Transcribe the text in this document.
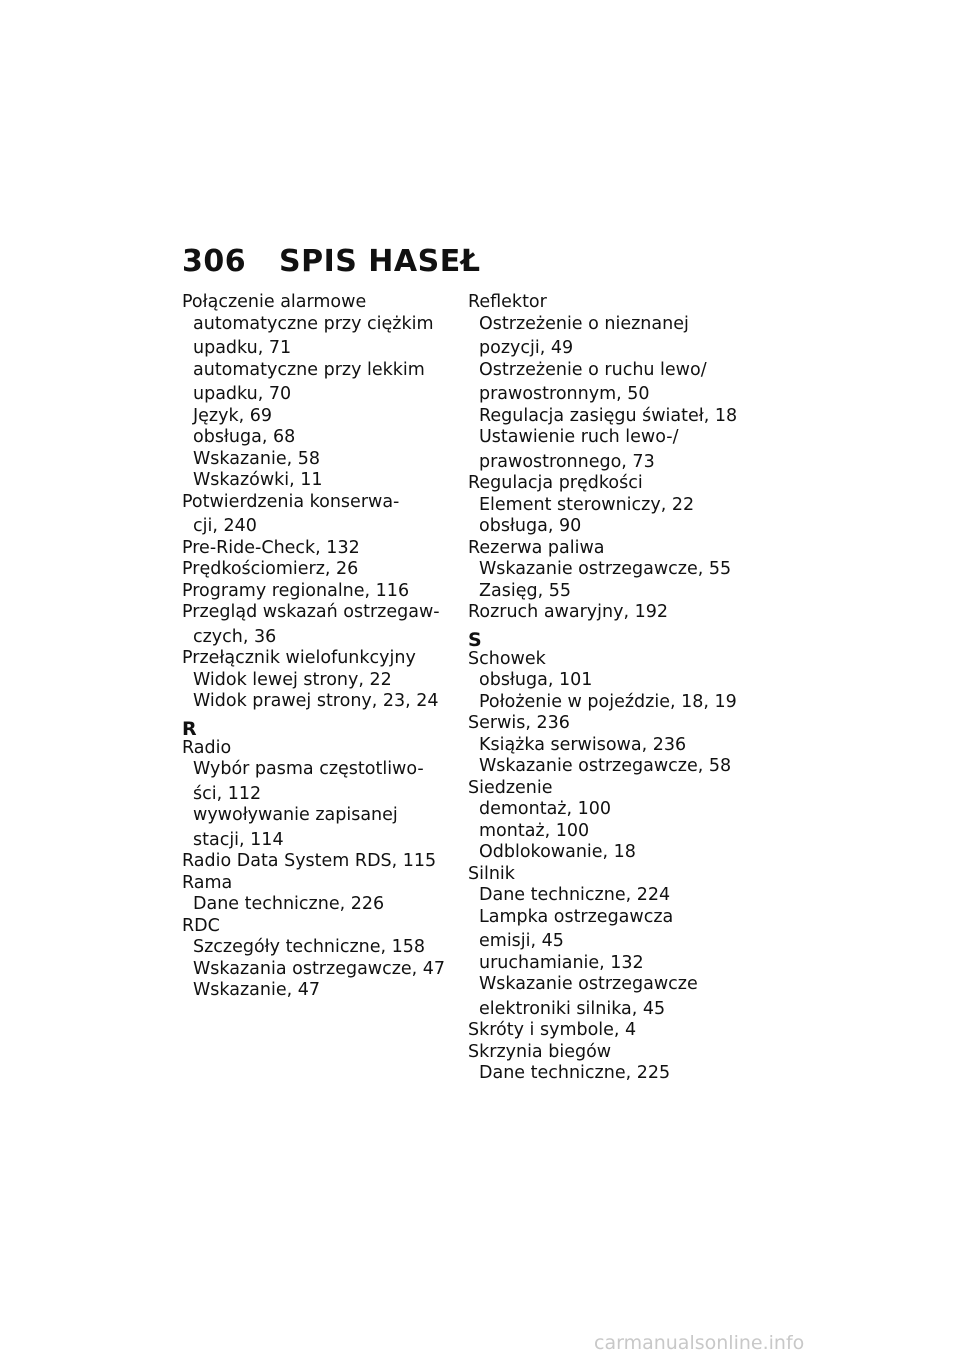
306 SPIS HASEŁ
Połączenie alarmowe
automatyczne przy ciężkim
upadku, 71
automatyczne przy lekkim
upadku, 70
Język, 69
obsługa, 68
Wskazanie, 58
Wskazówki, 11
Potwierdzenia konserwa-
cji, 240
Pre-Ride-Check, 132
Prędkościomierz, 26
Programy regionalne, 116
Przegląd wskazań ostrzegaw-
czych, 36
Przełącznik wielofunkcyjny
Widok lewej strony, 22
Widok prawej strony, 23, 24
R
Radio
Wybór pasma częstotliwo-
ści, 112
wywoływanie zapisanej
stacji, 114
Radio Data System RDS, 115
Rama
Dane techniczne, 226
RDC
Szczegóły techniczne, 158
Wskazania ostrzegawcze, 47
Wskazanie, 47
Reflektor
Ostrzeżenie o nieznanej
pozycji, 49
Ostrzeżenie o ruchu lewo/
prawostronnym, 50
Regulacja zasięgu świateł, 18
Ustawienie ruch lewo-/
prawostronnego, 73
Regulacja prędkości
Element sterowniczy, 22
obsługa, 90
Rezerwa paliwa
Wskazanie ostrzegawcze, 55
Zasięg, 55
Rozruch awaryjny, 192
S
Schowek
obsługa, 101
Położenie w pojeździe, 18, 19
Serwis, 236
Książka serwisowa, 236
Wskazanie ostrzegawcze, 58
Siedzenie
demontaż, 100
montaż, 100
Odblokowanie, 18
Silnik
Dane techniczne, 224
Lampka ostrzegawcza
emisji, 45
uruchamianie, 132
Wskazanie ostrzegawcze
elektroniki silnika, 45
Skróty i symbole, 4
Skrzynia biegów
Dane techniczne, 225
carmanualsonline.info
